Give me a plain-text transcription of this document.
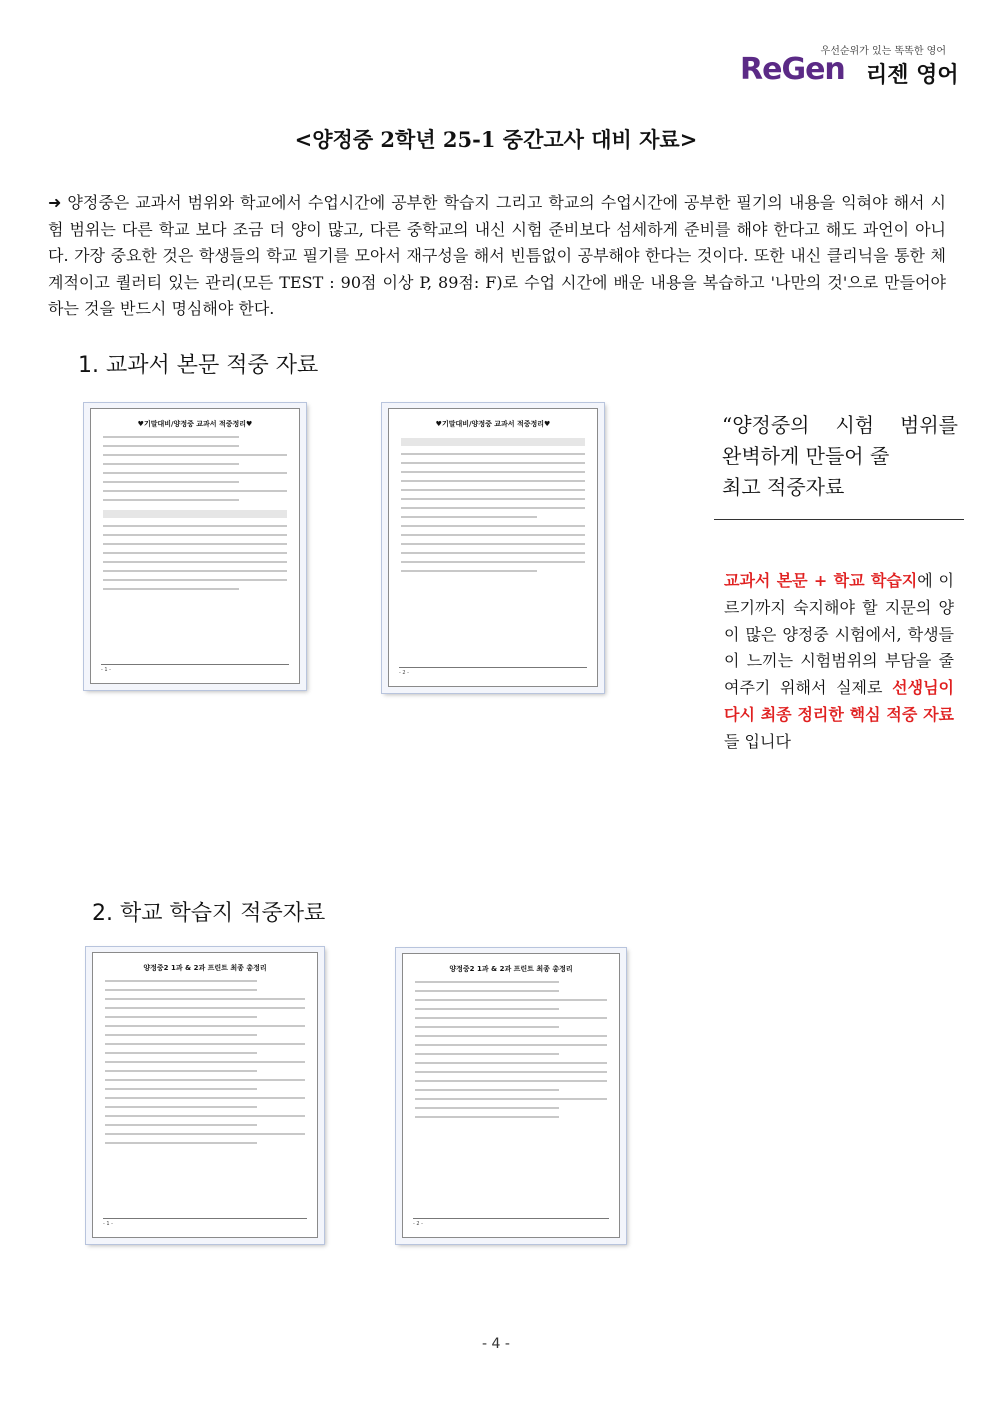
우선순위가 있는 똑똑한 영어
ReGen 리젠 영어
<양정중 2학년 25-1 중간고사 대비 자료>
➜ 양정중은 교과서 범위와 학교에서 수업시간에 공부한 학습지 그리고 학교의 수업시간에 공부한 필기의 내용을 익혀야 해서 시험 범위는 다른 학교 보다 조금 더 양이 많고, 다른 중학교의 내신 시험 준비보다 섬세하게 준비를 해야 한다고 해도 과언이 아니다. 가장 중요한 것은 학생들의 학교 필기를 모아서 재구성을 해서 빈틈없이 공부해야 한다는 것이다. 또한 내신 클리닉을 통한 체계적이고 퀄러티 있는 관리(모든 TEST : 90점 이상 P, 89점: F)로 수업 시간에 배운 내용을 복습하고 '나만의 것'으로 만들어야 하는 것을 반드시 명심해야 한다.
1. 교과서 본문 적중 자료
♥기말대비/양정중 교과서 적중정리♥
- 1 -
♥기말대비/양정중 교과서 적중정리♥
- 2 -
“양정중의 시험 범위를
완벽하게 만들어 줄
최고 적중자료
교과서 본문 + 학교 학습지에 이르기까지 숙지해야 할 지문의 양이 많은 양정중 시험에서, 학생들이 느끼는 시험범위의 부담을 줄여주기 위해서 실제로 선생님이 다시 최종 정리한 핵심 적중 자료 들 입니다
2. 학교 학습지 적중자료
양정중2 1과 & 2과 프린트 최종 총정리
- 1 -
양정중2 1과 & 2과 프린트 최종 총정리
- 2 -
- 4 -
